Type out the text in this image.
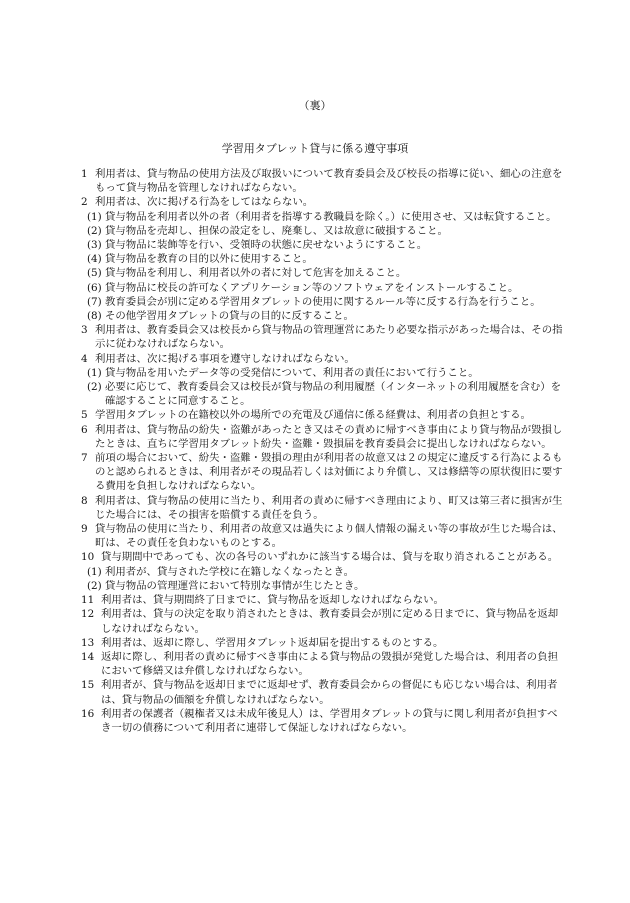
（裏）
学習用タブレット貸与に係る遵守事項

1 利用者は、貸与物品の使用方法及び取扱いについて教育委員会及び校長の指導に従い、細心の注意をもって貸与物品を管理しなければならない。

2 利用者は、次に掲げる行為をしてはならない。

(1) 貸与物品を利用者以外の者（利用者を指導する教職員を除く。）に使用させ、又は転貸すること。

(2) 貸与物品を売却し、担保の設定をし、廃棄し、又は故意に破損すること。

(3) 貸与物品に装飾等を行い、受領時の状態に戻せないようにすること。

(4) 貸与物品を教育の目的以外に使用すること。

(5) 貸与物品を利用し、利用者以外の者に対して危害を加えること。

(6) 貸与物品に校長の許可なくアプリケーション等のソフトウェアをインストールすること。

(7) 教育委員会が別に定める学習用タブレットの使用に関するルール等に反する行為を行うこと。

(8) その他学習用タブレットの貸与の目的に反すること。

3 利用者は、教育委員会又は校長から貸与物品の管理運営にあたり必要な指示があった場合は、その指示に従わなければならない。

4 利用者は、次に掲げる事項を遵守しなければならない。

(1) 貸与物品を用いたデータ等の受発信について、利用者の責任において行うこと。

(2) 必要に応じて、教育委員会又は校長が貸与物品の利用履歴（インターネットの利用履歴を含む）を確認することに同意すること。

5 学習用タブレットの在籍校以外の場所での充電及び通信に係る経費は、利用者の負担とする。

6 利用者は、貸与物品の紛失・盗難があったとき又はその責めに帰すべき事由により貸与物品が毀損したときは、直ちに学習用タブレット紛失・盗難・毀損届を教育委員会に提出しなければならない。

7 前項の場合において、紛失・盗難・毀損の理由が利用者の故意又は２の規定に違反する行為によるものと認められるときは、利用者がその現品若しくは対価により弁償し、又は修繕等の原状復旧に要する費用を負担しなければならない。

8 利用者は、貸与物品の使用に当たり、利用者の責めに帰すべき理由により、町又は第三者に損害が生じた場合には、その損害を賠償する責任を負う。

9 貸与物品の使用に当たり、利用者の故意又は過失により個人情報の漏えい等の事故が生じた場合は、町は、その責任を負わないものとする。

10 貸与期間中であっても、次の各号のいずれかに該当する場合は、貸与を取り消されることがある。

(1) 利用者が、貸与された学校に在籍しなくなったとき。

(2) 貸与物品の管理運営において特別な事情が生じたとき。

11 利用者は、貸与期間終了日までに、貸与物品を返却しなければならない。

12 利用者は、貸与の決定を取り消されたときは、教育委員会が別に定める日までに、貸与物品を返却しなければならない。

13 利用者は、返却に際し、学習用タブレット返却届を提出するものとする。

14 返却に際し、利用者の責めに帰すべき事由による貸与物品の毀損が発覚した場合は、利用者の負担において修繕又は弁償しなければならない。

15 利用者が、貸与物品を返却日までに返却せず、教育委員会からの督促にも応じない場合は、利用者は、貸与物品の価額を弁償しなければならない。

16 利用者の保護者（親権者又は未成年後見人）は、学習用タブレットの貸与に関し利用者が負担すべき一切の債務について利用者に連帯して保証しなければならない。
